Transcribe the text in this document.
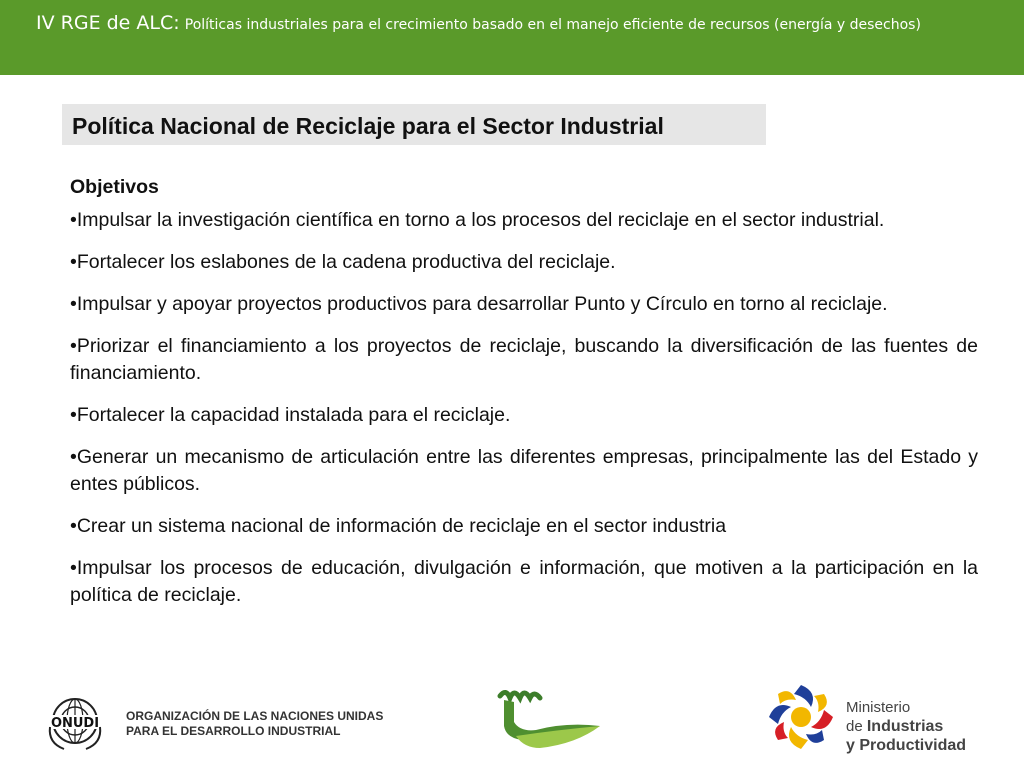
IV RGE de ALC: Políticas industriales para el crecimiento basado en el manejo eficiente de recursos (energía y desechos)
Política Nacional de Reciclaje para el Sector Industrial
Objetivos
•Impulsar la investigación científica en torno a los procesos del reciclaje en el sector industrial.
•Fortalecer los eslabones de la cadena productiva del reciclaje.
•Impulsar y apoyar proyectos productivos para desarrollar Punto y Círculo en torno al reciclaje.
•Priorizar el financiamiento a los proyectos de reciclaje, buscando la diversificación de las fuentes de financiamiento.
•Fortalecer la capacidad instalada para el reciclaje.
•Generar un mecanismo de articulación entre las diferentes empresas, principalmente las del Estado y entes públicos.
•Crear un sistema nacional de información de reciclaje en el sector industria
•Impulsar los procesos de educación, divulgación e información, que motiven a la participación en la política de reciclaje.
ONUDI ORGANIZACIÓN DE LAS NACIONES UNIDAS
PARA EL DESARROLLO INDUSTRIAL
Ministerio
de Industrias
y Productividad
